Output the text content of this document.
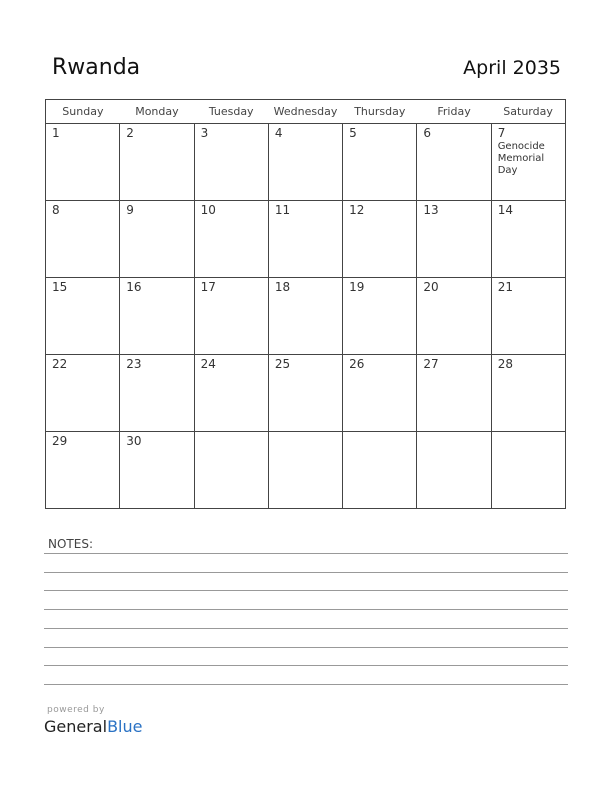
Rwanda	April 2035
Sunday	Monday	Tuesday	Wednesday	Thursday	Friday	Saturday

1	2	3	4	5	6	7
Genocide Memorial Day

8	9	10	11	12	13	14

15	16	17	18	19	20	21

22	23	24	25	26	27	28

29	30					

NOTES:
powered by
GeneralBlue
